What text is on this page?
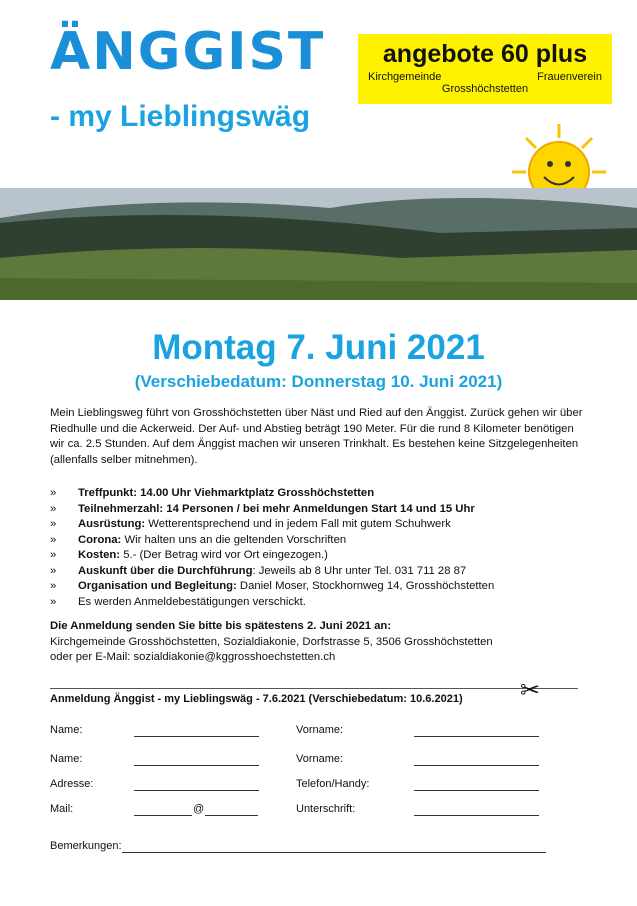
ÄNGGIST
- my Lieblingswäg
angebote 60 plus
Kirchgemeinde	Frauenverein
Grosshöchstetten
Montag 7. Juni 2021
(Verschiebedatum: Donnerstag 10. Juni 2021)
Mein Lieblingsweg führt von Grosshöchstetten über Näst und Ried auf den Änggist. Zurück gehen wir über Riedhulle und die Ackerweid. Der Auf- und Abstieg beträgt 190 Meter. Für die rund 8 Kilometer benötigen wir ca. 2.5 Stunden. Auf dem Änggist machen wir unseren Trinkhalt. Es bestehen keine Sitzgelegenheiten (allenfalls selber mitnehmen).
»	Treffpunkt: 14.00 Uhr Viehmarktplatz Grosshöchstetten
»	Teilnehmerzahl: 14 Personen / bei mehr Anmeldungen Start 14 und 15 Uhr
»	Ausrüstung: Wetterentsprechend und in jedem Fall mit gutem Schuhwerk
»	Corona: Wir halten uns an die geltenden Vorschriften
»	Kosten: 5.- (Der Betrag wird vor Ort eingezogen.)
»	Auskunft über die Durchführung: Jeweils ab 8 Uhr unter Tel. 031 711 28 87
»	Organisation und Begleitung: Daniel Moser, Stockhornweg 14, Grosshöchstetten
»	Es werden Anmeldebestätigungen verschickt.
Die Anmeldung senden Sie bitte bis spätestens 2. Juni 2021 an:
Kirchgemeinde Grosshöchstetten, Sozialdiakonie, Dorfstrasse 5, 3506 Grosshöchstetten
oder per E-Mail: sozialdiakonie@kggrosshoechstetten.ch
✂
Anmeldung Änggist - my Lieblingswäg - 7.6.2021 (Verschiebedatum: 10.6.2021)
Name:	Vorname:
Name:	Vorname:
Adresse:	Telefon/Handy:
Mail:	@	Unterschrift:
Bemerkungen:
